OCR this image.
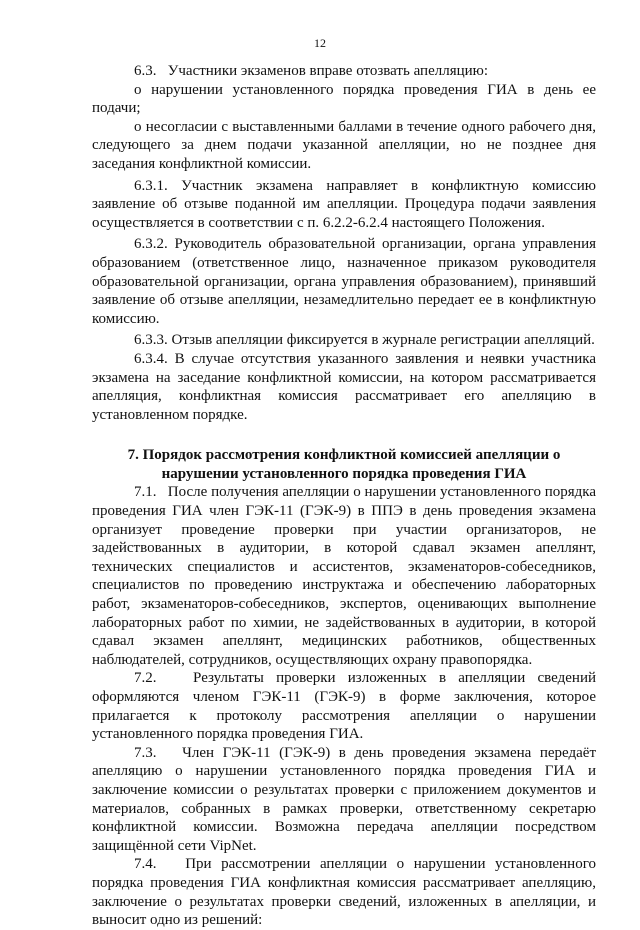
12

6.3.   Участники экзаменов вправе отозвать апелляцию:

о нарушении установленного порядка проведения ГИА в день ее подачи;

о несогласии с выставленными баллами в течение одного рабочего дня, следующего за днем подачи указанной апелляции, но не позднее дня заседания конфликтной комиссии.

6.3.1. Участник экзамена направляет в конфликтную комиссию заявление об отзыве поданной им апелляции. Процедура подачи заявления осуществляется в соответствии с п. 6.2.2-6.2.4 настоящего Положения.

6.3.2. Руководитель образовательной организации, органа управления образованием (ответственное лицо, назначенное приказом руководителя образовательной организации, органа управления образованием), принявший заявление об отзыве апелляции, незамедлительно передает ее в конфликтную комиссию.

6.3.3. Отзыв апелляции фиксируется в журнале регистрации апелляций.

6.3.4. В случае отсутствия указанного заявления и неявки участника экзамена на заседание конфликтной комиссии, на котором рассматривается апелляция, конфликтная комиссия рассматривает его апелляцию в установленном порядке.

7. Порядок рассмотрения конфликтной комиссией апелляции о
нарушении установленного порядка проведения ГИА

7.1.   После получения апелляции о нарушении установленного порядка проведения ГИА член ГЭК-11 (ГЭК-9) в ППЭ в день проведения экзамена организует проведение проверки при участии организаторов, не задействованных в аудитории, в которой сдавал экзамен апеллянт, технических специалистов и ассистентов, экзаменаторов-собеседников, специалистов по проведению инструктажа и обеспечению лабораторных работ, экзаменаторов-собеседников, экспертов, оценивающих выполнение лабораторных работ по химии, не задействованных в аудитории, в которой сдавал экзамен апеллянт, медицинских работников, общественных наблюдателей, сотрудников, осуществляющих охрану правопорядка.

7.2.   Результаты проверки изложенных в апелляции сведений оформляются членом ГЭК-11 (ГЭК-9) в форме заключения, которое прилагается к протоколу рассмотрения апелляции о нарушении установленного порядка проведения ГИА.

7.3.   Член ГЭК-11 (ГЭК-9) в день проведения экзамена передаёт апелляцию о нарушении установленного порядка проведения ГИА и заключение комиссии о результатах проверки с приложением документов и материалов, собранных в рамках проверки, ответственному секретарю конфликтной комиссии. Возможна передача апелляции посредством защищённой сети VipNet.

7.4.   При рассмотрении апелляции о нарушении установленного порядка проведения ГИА конфликтная комиссия рассматривает апелляцию, заключение о результатах проверки сведений, изложенных в апелляции, и выносит одно из решений:
